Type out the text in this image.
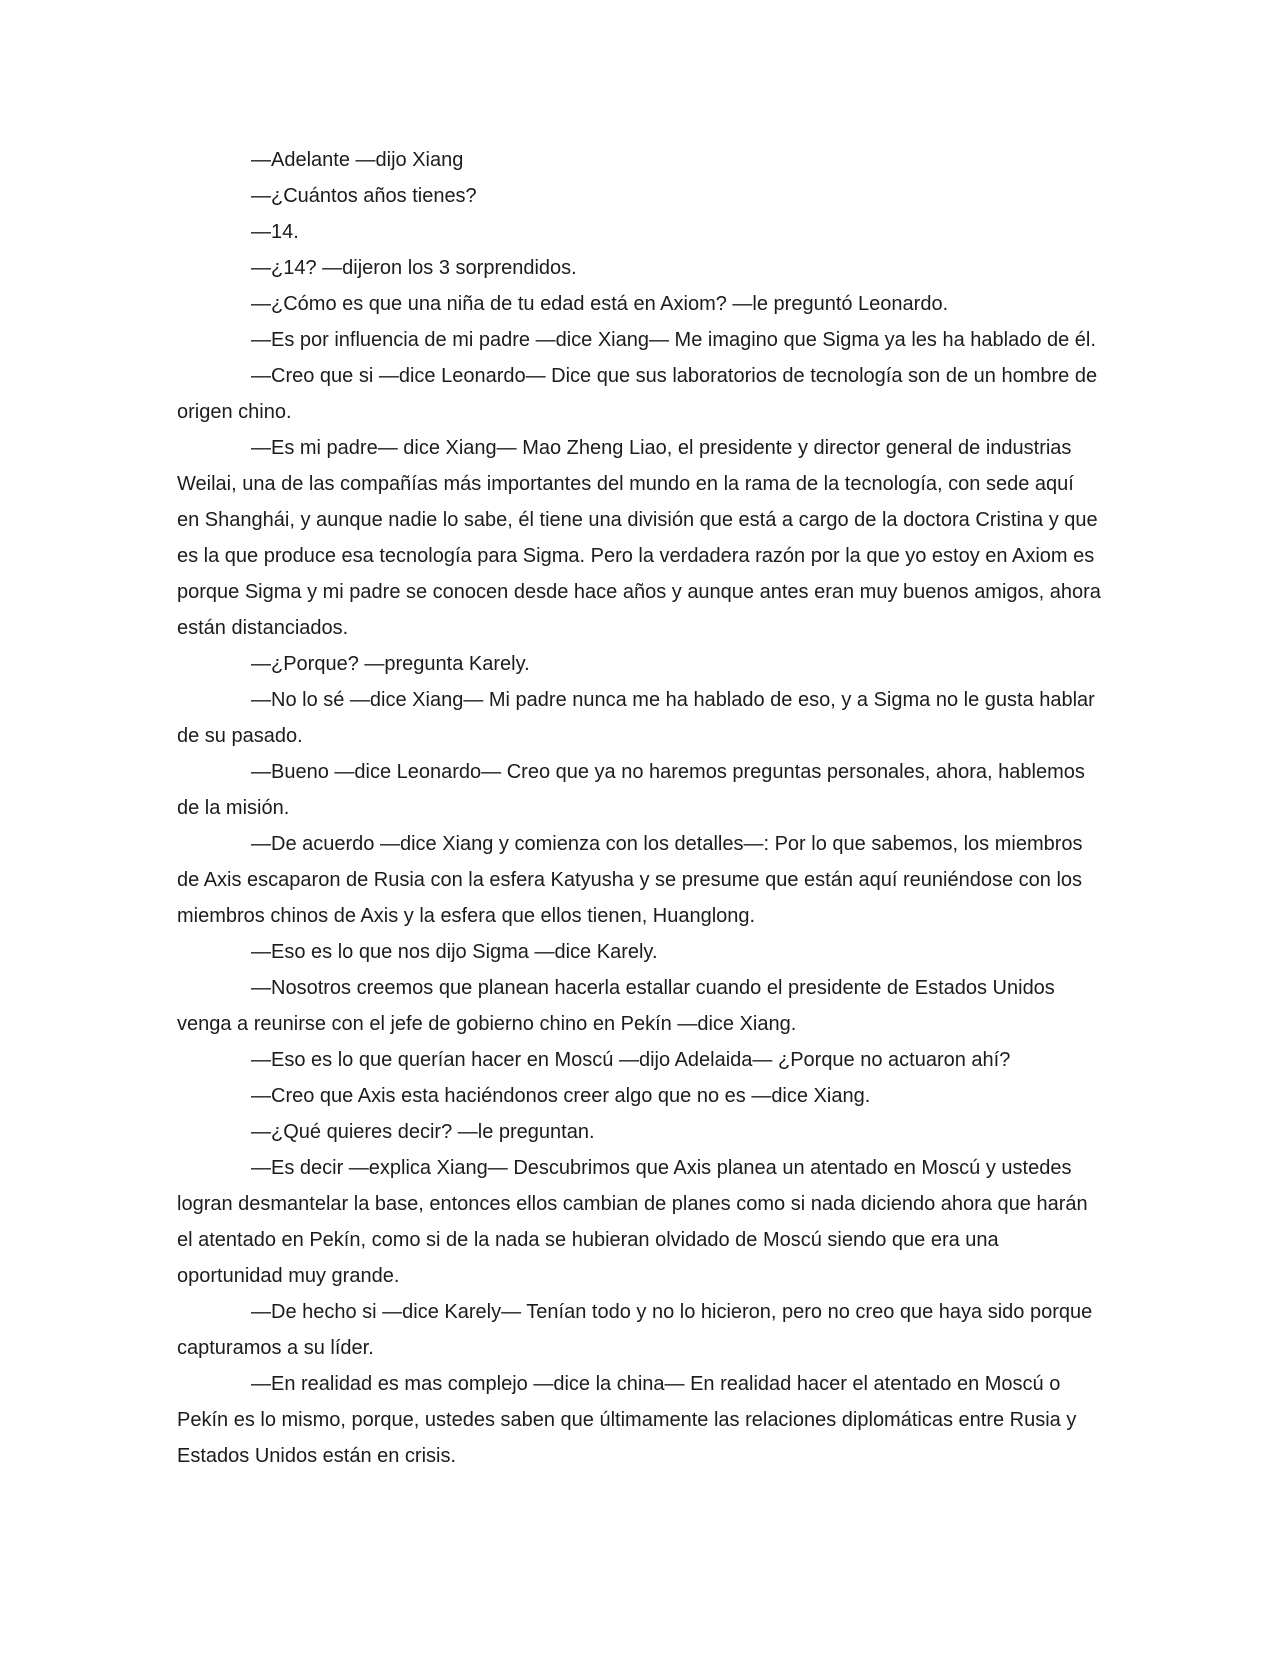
—Adelante —dijo Xiang

—¿Cuántos años tienes?

—14.

—¿14? —dijeron los 3 sorprendidos.

—¿Cómo es que una niña de tu edad está en Axiom? —le preguntó Leonardo.

—Es por influencia de mi padre —dice Xiang— Me imagino que Sigma ya les ha hablado de él.

—Creo que si —dice Leonardo— Dice que sus laboratorios de tecnología son de un hombre de origen chino.

—Es mi padre— dice Xiang— Mao Zheng Liao, el presidente y director general de industrias Weilai, una de las compañías más importantes del mundo en la rama de la tecnología, con sede aquí en Shanghái, y aunque nadie lo sabe, él tiene una división que está a cargo de la doctora Cristina y que es la que produce esa tecnología para Sigma. Pero la verdadera razón por la que yo estoy en Axiom es porque Sigma y mi padre se conocen desde hace años y aunque antes eran muy buenos amigos, ahora están distanciados.

—¿Porque? —pregunta Karely.

—No lo sé —dice Xiang— Mi padre nunca me ha hablado de eso, y a Sigma no le gusta hablar de su pasado.

—Bueno —dice Leonardo— Creo que ya no haremos preguntas personales, ahora, hablemos de la misión.

—De acuerdo —dice Xiang y comienza con los detalles—: Por lo que sabemos, los miembros de Axis escaparon de Rusia con la esfera Katyusha y se presume que están aquí reuniéndose con los miembros chinos de Axis y la esfera que ellos tienen, Huanglong.

—Eso es lo que nos dijo Sigma —dice Karely.

—Nosotros creemos que planean hacerla estallar cuando el presidente de Estados Unidos venga a reunirse con el jefe de gobierno chino en Pekín —dice Xiang.

—Eso es lo que querían hacer en Moscú —dijo Adelaida— ¿Porque no actuaron ahí?

—Creo que Axis esta haciéndonos creer algo que no es —dice Xiang.

—¿Qué quieres decir? —le preguntan.

—Es decir —explica Xiang— Descubrimos que Axis planea un atentado en Moscú y ustedes logran desmantelar la base, entonces ellos cambian de planes como si nada diciendo ahora que harán el atentado en Pekín, como si de la nada se hubieran olvidado de Moscú siendo que era una oportunidad muy grande.

—De hecho si —dice Karely— Tenían todo y no lo hicieron, pero no creo que haya sido porque capturamos a su líder.

—En realidad es mas complejo —dice la china— En realidad hacer el atentado en Moscú o Pekín es lo mismo, porque, ustedes saben que últimamente las relaciones diplomáticas entre Rusia y Estados Unidos están en crisis.
